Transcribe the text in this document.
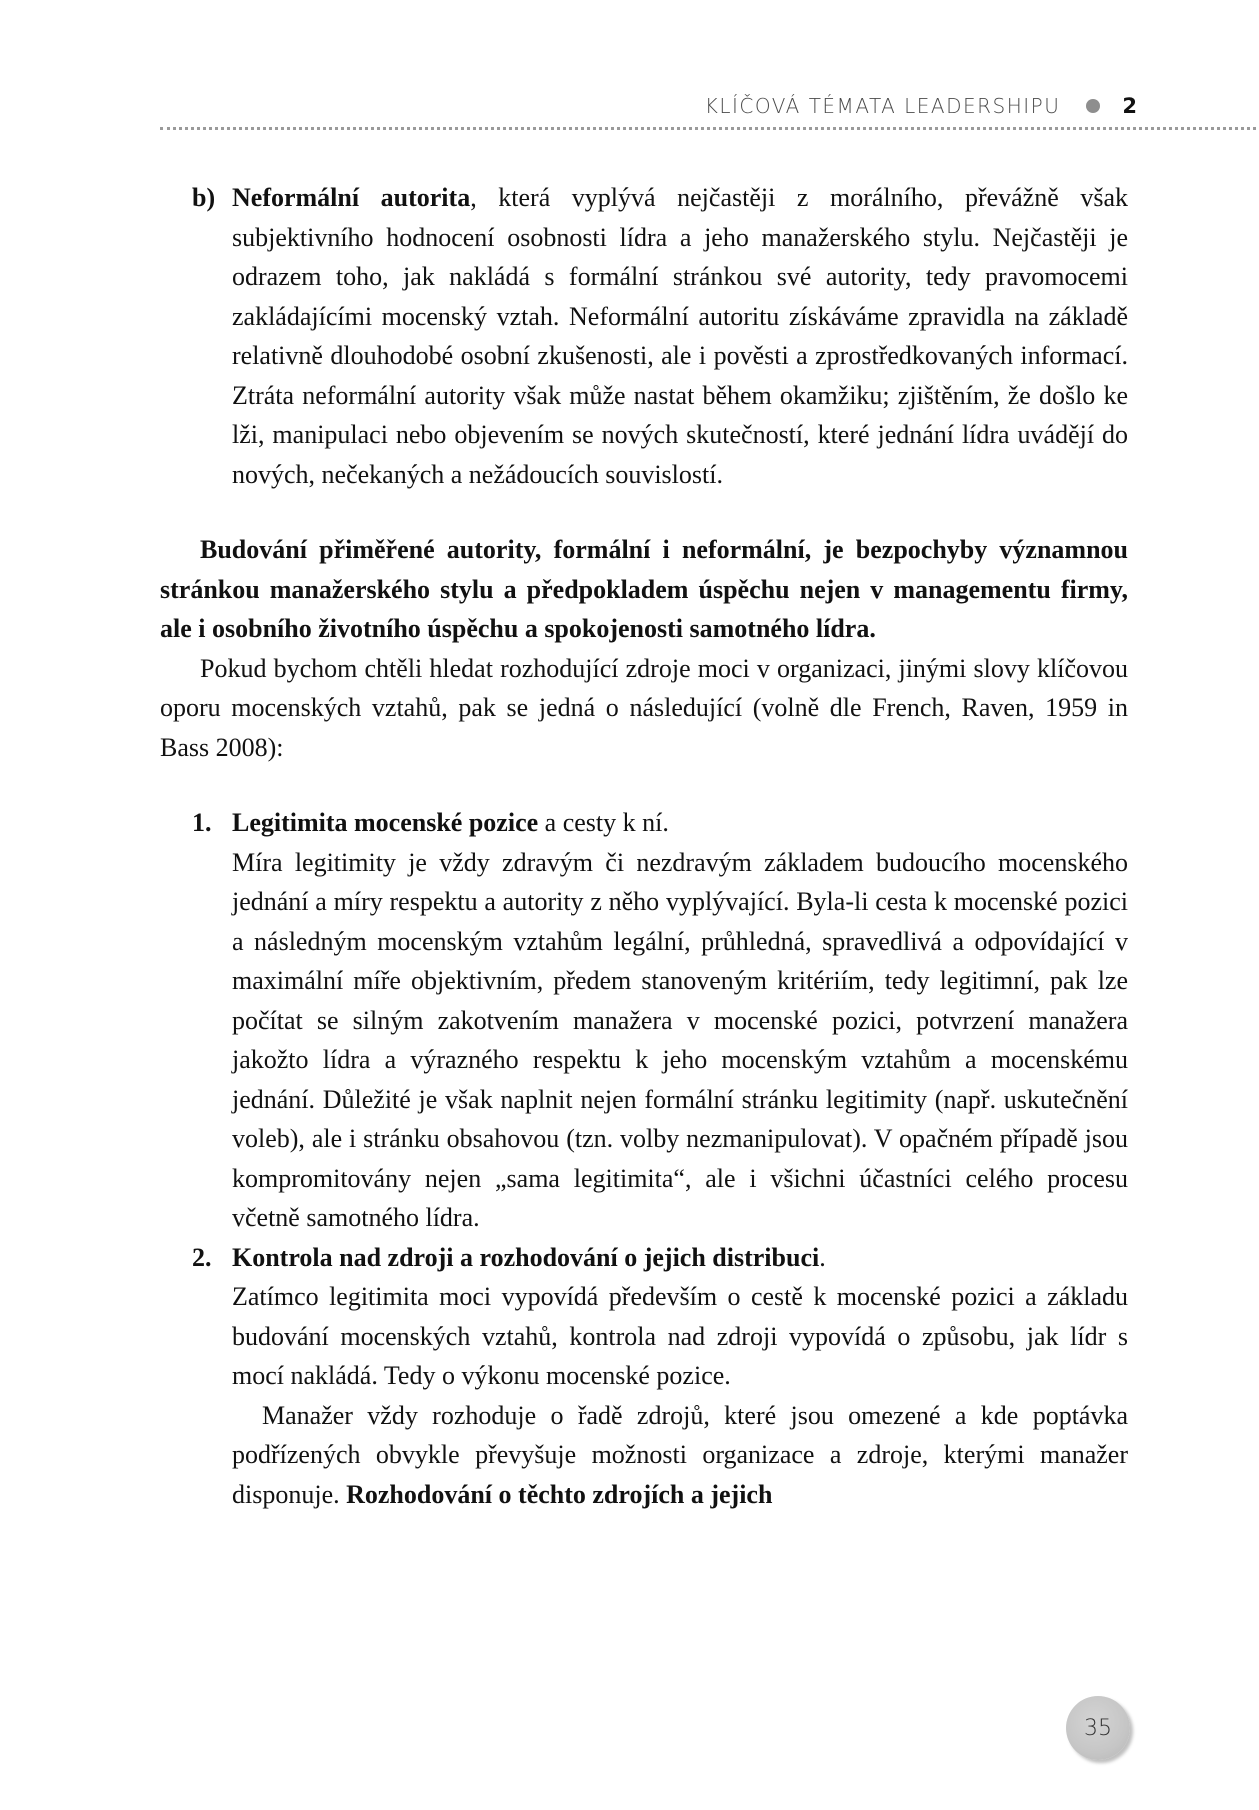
KLÍČOVÁ TÉMATA LEADERSHIPU	2
b) Neformální autorita, která vyplývá nejčastěji z morálního, převážně však subjektivního hodnocení osobnosti lídra a jeho manažerského stylu. Nejčastěji je odrazem toho, jak nakládá s formální stránkou své autority, tedy pravomocemi zakládajícími mocenský vztah. Neformální autoritu získáváme zpravidla na základě relativně dlouhodobé osobní zkušenosti, ale i pověsti a zprostředkovaných informací. Ztráta neformální autority však může nastat během okamžiku; zjištěním, že došlo ke lži, manipulaci nebo objevením se nových skutečností, které jednání lídra uvádějí do nových, nečekaných a nežádoucích souvislostí.

Budování přiměřené autority, formální i neformální, je bezpochyby významnou stránkou manažerského stylu a předpokladem úspěchu nejen v managementu firmy, ale i osobního životního úspěchu a spokojenosti samotného lídra.

Pokud bychom chtěli hledat rozhodující zdroje moci v organizaci, jinými slovy klíčovou oporu mocenských vztahů, pak se jedná o následující (volně dle French, Raven, 1959 in Bass 2008):

1. Legitimita mocenské pozice a cesty k ní.

Míra legitimity je vždy zdravým či nezdravým základem budoucího mocenského jednání a míry respektu a autority z něho vyplývající. Byla-li cesta k mocenské pozici a následným mocenským vztahům legální, průhledná, spravedlivá a odpovídající v maximální míře objektivním, předem stanoveným kritériím, tedy legitimní, pak lze počítat se silným zakotvením manažera v mocenské pozici, potvrzení manažera jakožto lídra a výrazného respektu k jeho mocenským vztahům a mocenskému jednání. Důležité je však naplnit nejen formální stránku legitimity (např. uskutečnění voleb), ale i stránku obsahovou (tzn. volby nezmanipulovat). V opačném případě jsou kompromitovány nejen „sama legitimita“, ale i všichni účastníci celého procesu včetně samotného lídra.

2. Kontrola nad zdroji a rozhodování o jejich distribuci.

Zatímco legitimita moci vypovídá především o cestě k mocenské pozici a základu budování mocenských vztahů, kontrola nad zdroji vypovídá o způsobu, jak lídr s mocí nakládá. Tedy o výkonu mocenské pozice.

Manažer vždy rozhoduje o řadě zdrojů, které jsou omezené a kde poptávka podřízených obvykle převyšuje možnosti organizace a zdroje, kterými manažer disponuje. Rozhodování o těchto zdrojích a jejich

35
